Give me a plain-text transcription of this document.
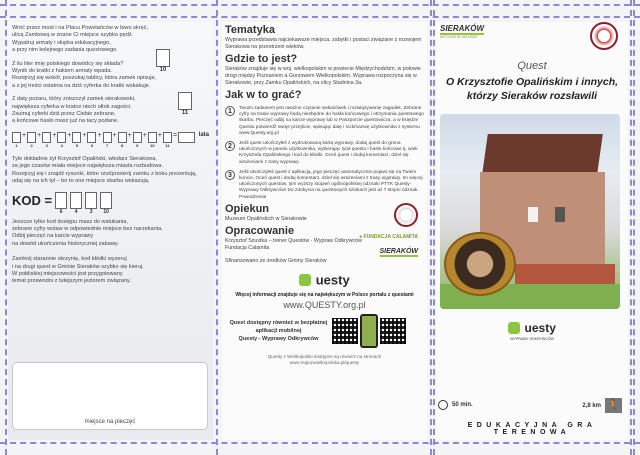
Wróć przez most i na Placu Powstańców w lewo skręć,
ulicą Zamkową w znane Ci miejsce szybko pędź.
Wypatruj armaty i słupka edukacyjnego,
a przy nim kolejnego zadania questowego.
Z ilu liter imię polskiego dowódcy się składa?
Wynik do kratki z hakiem armaty wpada.
Rozejrzyj się wokół, poszukaj tablicy, która zamek opisuje,
a z jej treści ostatnia na dziś cyferka do kratki wskakuje.
10
Z daty pożaru, który zniszczył zamek sierakowski,
największa cyferka w kratce niech ołtok zagości.
Zsumuj cyferki dziś przez Ciebie zebrane,
a końcowe hasło masz już na tacy podane.
11
1
+
2
+
3
+
4
+
5
+
6
+
7
+
8
+
9
+
10
+
11
=	lata
Tyle dokładnie żył Krzysztof Opaliński, włodarz Sierakowa,
za jego czasów miała miejsce największa miasta rozbudowa.
Rozejrzyj się i znajdź rysunki, które rzut/przekrój zamku z boku prezentują,
udaj się na ich tył – bo to one miejsce skarbu wskazują.
KOD =
6	4	3	10
Jeszcze tylko kod dostępu masz do wstukania,
zebrane cyfry wstaw w odpowiednie miejsce bez narzekania.
Odbij pieczęć na karcie wyprawy
na dowód ukończenia historycznej zabawy.
Zamknij starannie skrzynię, kod kłódki wyzeruj
i na drugi quest w Gminie Sieraków szybko się kieruj.
W pobliskiej miejscowości jest przygotowany
temat przewodni z tutejszym jeziorem związany.
miejsce na pieczęć
Tematyka
Wyprawa przedstawia najciekawsze miejsca, zabytki i postaci związane z rozwojem Sierakowa na przestrzeni wieków.
Gdzie to jest?
Sieraków znajduje się w woj. wielkopolskim w powiecie Międzychodzkim, w połowie drogi między Poznaniem a Gorzowem Wielkopolskim. Wyprawa rozpoczyna się w Sierakowie, przy Zamku Opalińskich, na ulicy Stadnina 3a.
Jak w to grać?
1	Twoim zadaniem jest uważne czytanie wskazówek i rozwiązywanie zagadek. Zebrane cyfry na trasie wyprawy będą niezbędne do hasła końcowego i otrzymania questowego skarbu. Pieczęć odbij na karcie wyprawy lub w Paszporcie questowicza, a w księdze Questu potwierdź swoje przejście, wpisując datę i nick/nazwę użytkownika z systemu www.Questy.org.pl
2	Jeśli quest ukończyłeś z wydrukowaną kartą wyprawy, dodaj quest do grona ukończonych w panelu użytkownika, wybierając tytuł questu i hasło końcowe tj. wiek Krzysztofa Opalińskiego i kod do kłódki. Oceń quest i dodaj komentarz, dziel się wrażeniami z trasy wyprawy.
3	Jeśli ukończyłeś quest z aplikacją, jego pieczęć automatycznie pojawi się na Twoim koncie. Oceń quest i dodaj komentarz, dziel się wrażeniami z trasy wyprawy. Im więcej ukończonych questów, tym wyższy stopień ogólnopolskiej odznaki PTTK Questy-Wyprawy Odkrywców! Do zdobycia na questowych szlakach jest aż 7 stopni odznak. Powodzenia!
Opiekun
Muzeum Opalińskich w Sierakowie
Opracowanie
Krzysztof Szustka – trener Questów - Wypraw Odkrywców
Fundacja Calamita
Sfinansowano ze środków Gminy Sieraków
● FUNDACJA CALAMITA
SIERAKÓW
uesty
Więcej informacji znajduje się na największym w Polsce portalu z questami
www.QUESTY.org.pl
Quest dostępny również w bezpłatnej
aplikacji mobilnej
Questy - Wyprawy Odkrywców
Questy z Wielkopolski dostępne są również na stronach
www.regionwielkopolska.pl/questy
SIERAKÓW
AKTYWNI W NATURZE
Quest
O Krzysztofie Opalińskim i innych,
którzy Sieraków rozsławili
uesty
WYPRAWY ODKRYWCÓW
50 min.	2,8 km 🚶
EDUKACYJNA GRA TERENOWA
